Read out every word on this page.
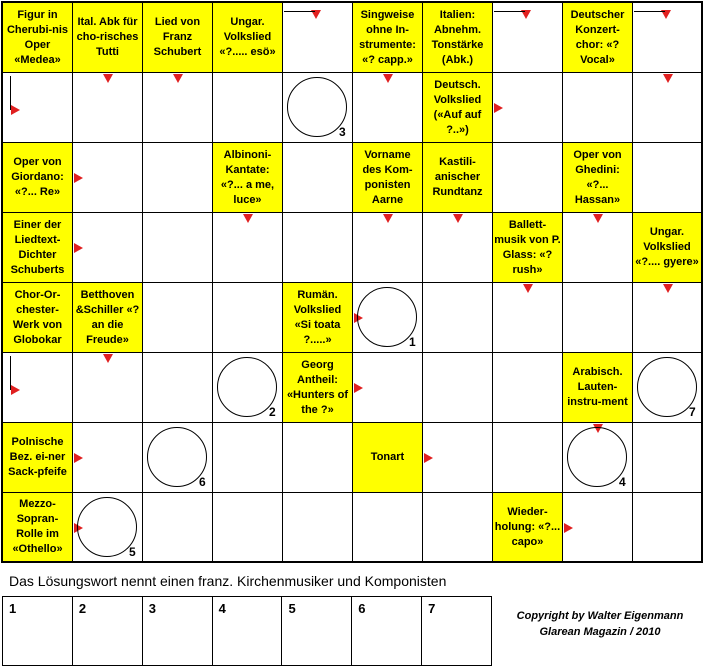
Figur in Cherubi-nis Oper «Medea»
Ital. Abk für cho-risches Tutti
Lied von Franz Schubert
Ungar. Volkslied «?..... esö»
Singweise ohne In-strumente: «? capp.»
Italien: Abnehm. Tonstärke (Abk.)
Deutscher Konzert-chor: «? Vocal»
Deutsch. Volkslied («Auf auf ?..»)
Oper von Giordano: «?... Re»
Albinoni-Kantate: «?... a me, luce»
Vorname des Kom-ponisten Aarne
Kastili-anischer Rundtanz
Oper von Ghedini: «?... Hassan»
Einer der Liedtext-Dichter Schuberts
Ballett-musik von P. Glass: «? rush»
Ungar. Volkslied «?.... gyere»
Chor-Or-chester-Werk von Globokar
Betthoven &Schiller «? an die Freude»
Rumän. Volkslied «Si toata ?.....»
Georg Antheil: «Hunters of the ?»
Arabisch. Lauten-instru-ment
Polnische Bez. ei-ner Sack-pfeife
Tonart
Mezzo-Sopran-Rolle im «Othello»
Wieder-holung: «?... capo»
3
1
2	7
6	4
5
Das Lösungswort nennt einen franz. Kirchenmusiker und Komponisten
1	2	3	4	5	6	7	Copyright by Walter Eigenmann
Glarean Magazin / 2010
